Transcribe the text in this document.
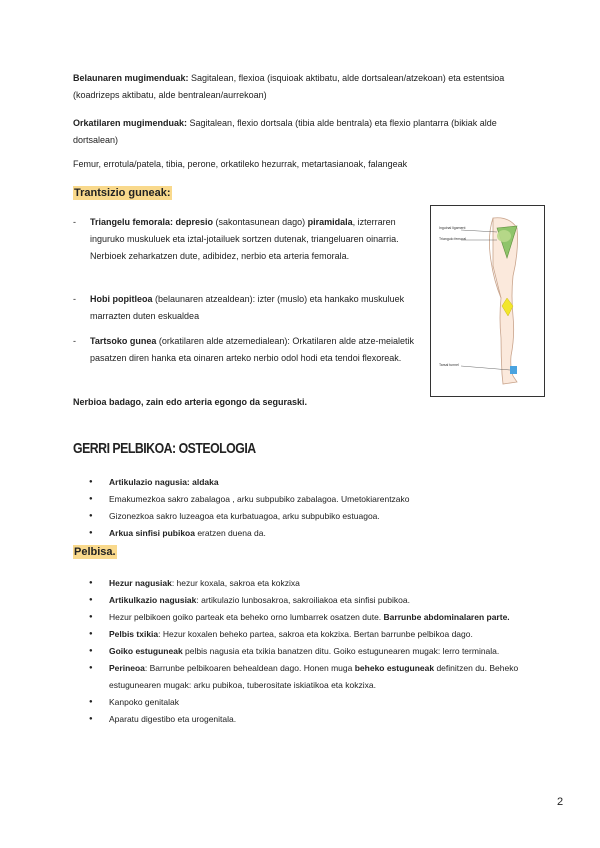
Belaunaren mugimenduak: Sagitalean, flexioa (isquioak aktibatu, alde dortsalean/atzekoan) eta estentsioa (koadrizeps aktibatu, alde bentralean/aurrekoan)

Orkatilaren mugimenduak: Sagitalean, flexio dortsala (tibia alde bentrala) eta flexio plantarra (bikiak alde dortsalean)

Femur, errotula/patela, tibia, perone, orkatileko hezurrak, metartasianoak, falangeak

Trantsizio guneak:

- Triangelu femorala: depresio (sakontasunean dago) piramidala, izterraren inguruko muskuluek eta iztal-jotailuek sortzen dutenak, triangeluaren oinarria. Nerbioek zeharkatzen dute, adibidez, nerbio eta arteria femorala.
- Hobi popitleoa (belaunaren atzealdean): izter (muslo) eta hankako muskuluek marrazten duten eskualdea
- Tartsoko gunea (orkatilaren alde atzemedialean): Orkatilaren alde atze-meialetik pasatzen diren hanka eta oinaren arteko nerbio odol hodi eta tendoi flexoreak.

Nerbioa badago, zain edo arteria egongo da seguraski.

Inguinal ligament
Triangulo femoral
Tarsal tunnel
GERRI PELBIKOA: OSTEOLOGIA
● Artikulazio nagusia: aldaka
● Emakumezkoa sakro zabalagoa , arku subpubiko zabalagoa. Umetokiarentzako
● Gizonezkoa sakro luzeagoa eta kurbatuagoa, arku subpubiko estuagoa.
● Arkua sinfisi pubikoa eratzen duena da.

Pelbisa.

● Hezur nagusiak: hezur koxala, sakroa eta kokzixa
● Artikulkazio nagusiak: artikulazio lunbosakroa, sakroiliakoa eta sinfisi pubikoa.
● Hezur pelbikoen goiko parteak eta beheko orno lumbarrek osatzen dute. Barrunbe abdominalaren parte.
● Pelbis txikia: Hezur koxalen beheko partea, sakroa eta kokzixa. Bertan barrunbe pelbikoa dago.
● Goiko estuguneak pelbis nagusia eta txikia banatzen ditu. Goiko estugunearen mugak: lerro terminala.
● Perineoa: Barrunbe pelbikoaren behealdean dago. Honen muga beheko estuguneak definitzen du. Beheko estugunearen mugak: arku pubikoa, tuberositate iskiatikoa eta kokzixa.
● Kanpoko genitalak
● Aparatu digestibo eta urogenitala.
2
